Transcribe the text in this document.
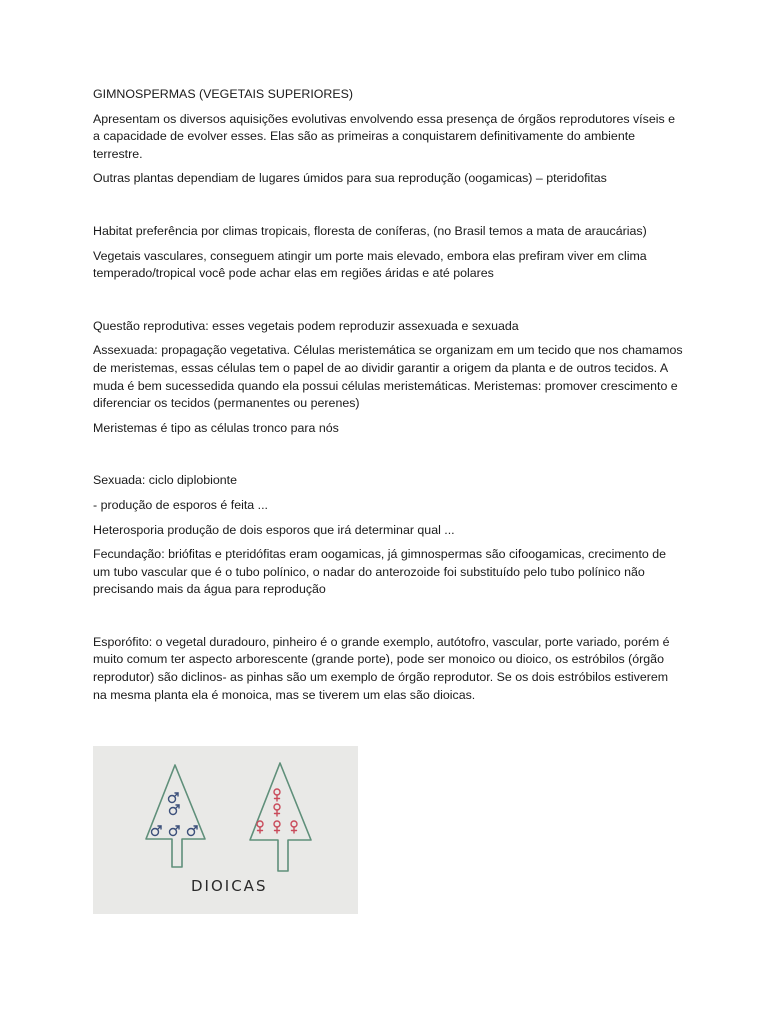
GIMNOSPERMAS (VEGETAIS SUPERIORES)

Apresentam os diversos aquisições evolutivas envolvendo essa presença de órgãos reprodutores víseis e a capacidade de evolver esses. Elas são as primeiras a conquistarem definitivamente do ambiente terrestre.

Outras plantas dependiam de lugares úmidos para sua reprodução (oogamicas) – pteridofitas

Habitat preferência por climas tropicais, floresta de coníferas, (no Brasil temos a mata de araucárias)

Vegetais vasculares, conseguem atingir um porte mais elevado, embora elas prefiram viver em clima temperado/tropical você pode achar elas em regiões áridas e até polares

Questão reprodutiva: esses vegetais podem reproduzir assexuada e sexuada

Assexuada: propagação vegetativa. Células meristemática se organizam em um tecido que nos chamamos de meristemas, essas células tem o papel de ao dividir garantir a origem da planta e de outros tecidos. A muda é bem sucessedida quando ela possui células meristemáticas. Meristemas: promover crescimento e diferenciar os tecidos (permanentes ou perenes)

Meristemas é tipo as células tronco para nós

Sexuada: ciclo diplobionte

- produção de esporos é feita ...

Heterosporia produção de dois esporos que irá determinar qual ...

Fecundação: briófitas e pteridófitas eram oogamicas, já gimnospermas são cifoogamicas, crecimento de um tubo vascular que é o tubo polínico, o nadar do anterozoide foi substituído pelo tubo polínico não precisando mais da água para reprodução

Esporófito: o vegetal duradouro, pinheiro é o grande exemplo, autótofro, vascular, porte variado, porém é muito comum ter aspecto arborescente (grande porte), pode ser monoico ou dioico, os estróbilos (órgão reprodutor) são diclinos- as pinhas são um exemplo de órgão reprodutor. Se os dois estróbilos estiverem na mesma planta ela é monoica, mas se tiverem um elas são dioicas.

DIOICAS
